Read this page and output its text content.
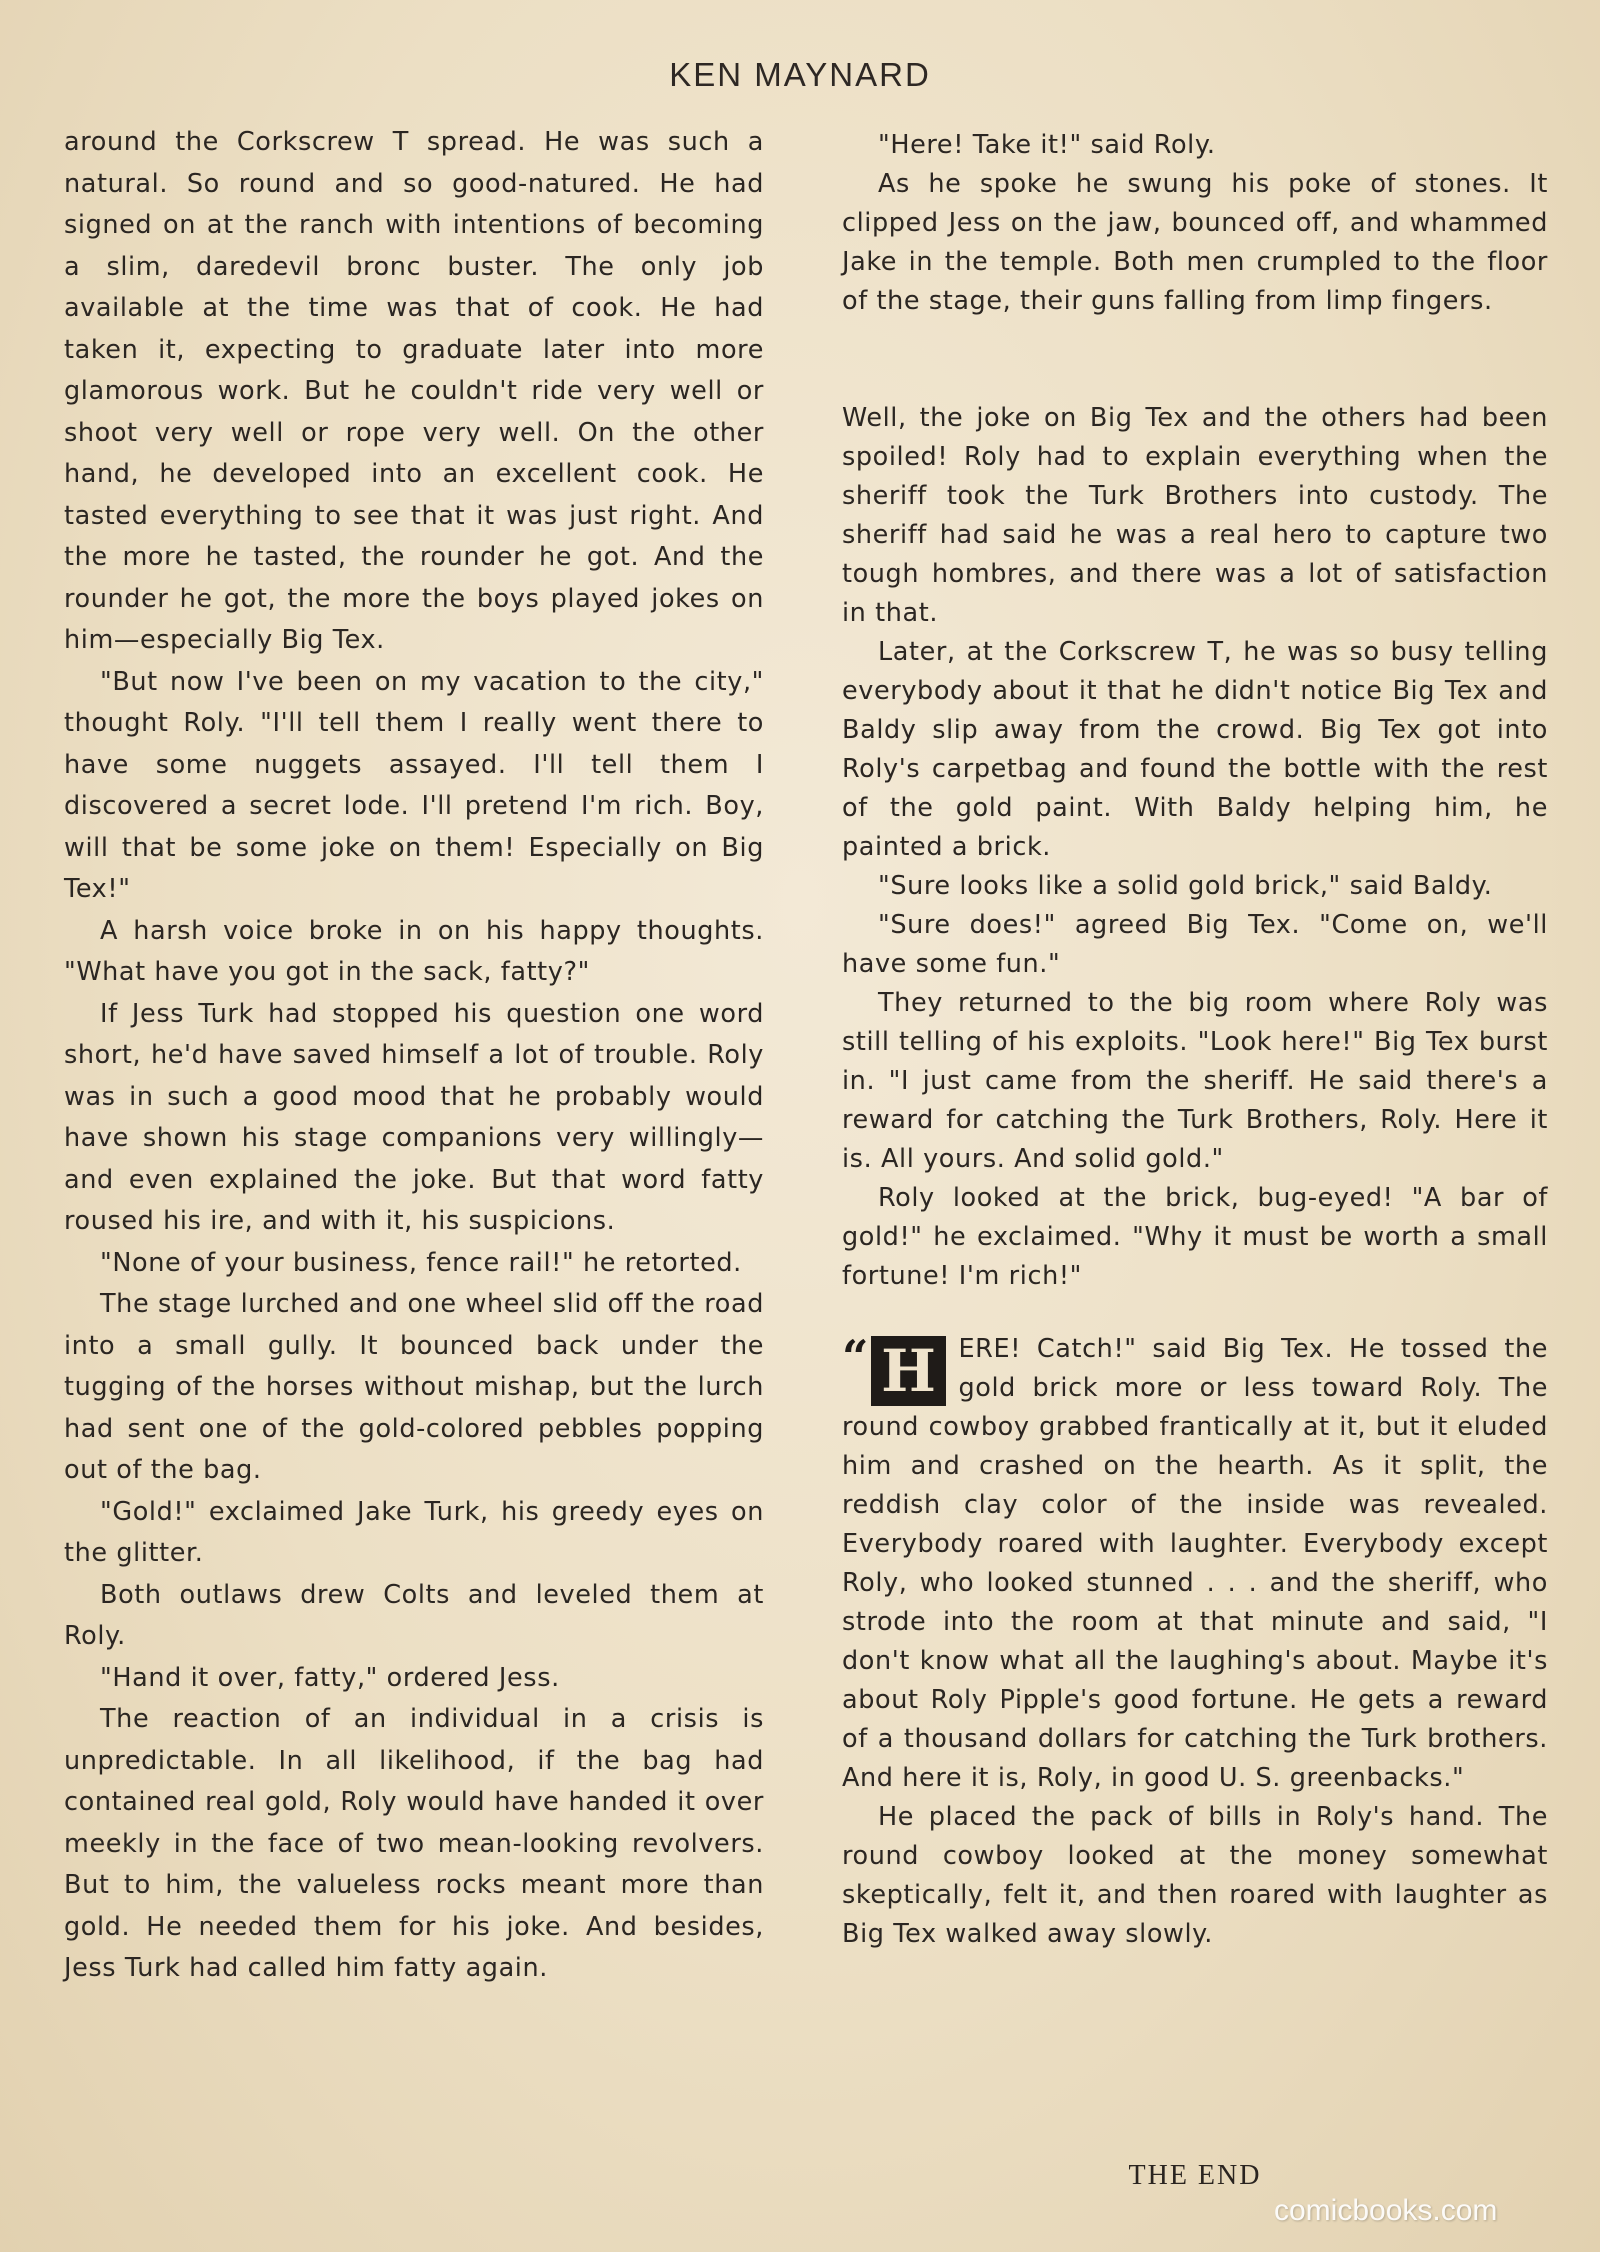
KEN MAYNARD

around the Corkscrew T spread. He was such a natural. So round and so good-natured. He had signed on at the ranch with intentions of becoming a slim, daredevil bronc buster. The only job available at the time was that of cook. He had taken it, expecting to graduate later into more glamorous work. But he couldn't ride very well or shoot very well or rope very well. On the other hand, he developed into an excellent cook. He tasted everything to see that it was just right. And the more he tasted, the rounder he got. And the rounder he got, the more the boys played jokes on him—especially Big Tex.

"But now I've been on my vacation to the city," thought Roly. "I'll tell them I really went there to have some nuggets assayed. I'll tell them I discovered a secret lode. I'll pretend I'm rich. Boy, will that be some joke on them! Especially on Big Tex!"

A harsh voice broke in on his happy thoughts. "What have you got in the sack, fatty?"

If Jess Turk had stopped his question one word short, he'd have saved himself a lot of trouble. Roly was in such a good mood that he probably would have shown his stage companions very willingly—and even explained the joke. But that word fatty roused his ire, and with it, his suspicions.

"None of your business, fence rail!" he retorted.

The stage lurched and one wheel slid off the road into a small gully. It bounced back under the tugging of the horses without mishap, but the lurch had sent one of the gold-colored pebbles popping out of the bag.

"Gold!" exclaimed Jake Turk, his greedy eyes on the glitter.

Both outlaws drew Colts and leveled them at Roly.

"Hand it over, fatty," ordered Jess.

The reaction of an individual in a crisis is unpredictable. In all likelihood, if the bag had contained real gold, Roly would have handed it over meekly in the face of two mean-looking revolvers. But to him, the valueless rocks meant more than gold. He needed them for his joke. And besides, Jess Turk had called him fatty again.

"Here! Take it!" said Roly.

As he spoke he swung his poke of stones. It clipped Jess on the jaw, bounced off, and whammed Jake in the temple. Both men crumpled to the floor of the stage, their guns falling from limp fingers.

Well, the joke on Big Tex and the others had been spoiled! Roly had to explain everything when the sheriff took the Turk Brothers into custody. The sheriff had said he was a real hero to capture two tough hombres, and there was a lot of satisfaction in that.

Later, at the Corkscrew T, he was so busy telling everybody about it that he didn't notice Big Tex and Baldy slip away from the crowd. Big Tex got into Roly's carpetbag and found the bottle with the rest of the gold paint. With Baldy helping him, he painted a brick.

"Sure looks like a solid gold brick," said Baldy.

"Sure does!" agreed Big Tex. "Come on, we'll have some fun."

They returned to the big room where Roly was still telling of his exploits. "Look here!" Big Tex burst in. "I just came from the sheriff. He said there's a reward for catching the Turk Brothers, Roly. Here it is. All yours. And solid gold."

Roly looked at the brick, bug-eyed! "A bar of gold!" he exclaimed. "Why it must be worth a small fortune! I'm rich!"

“ H ERE! Catch!" said Big Tex. He tossed the gold brick more or less toward Roly. The round cowboy grabbed frantically at it, but it eluded him and crashed on the hearth. As it split, the reddish clay color of the inside was revealed. Everybody roared with laughter. Everybody except Roly, who looked stunned . . . and the sheriff, who strode into the room at that minute and said, "I don't know what all the laughing's about. Maybe it's about Roly Pipple's good fortune. He gets a reward of a thousand dollars for catching the Turk brothers. And here it is, Roly, in good U. S. greenbacks."

He placed the pack of bills in Roly's hand. The round cowboy looked at the money somewhat skeptically, felt it, and then roared with laughter as Big Tex walked away slowly.

THE END
comicbooks.com
